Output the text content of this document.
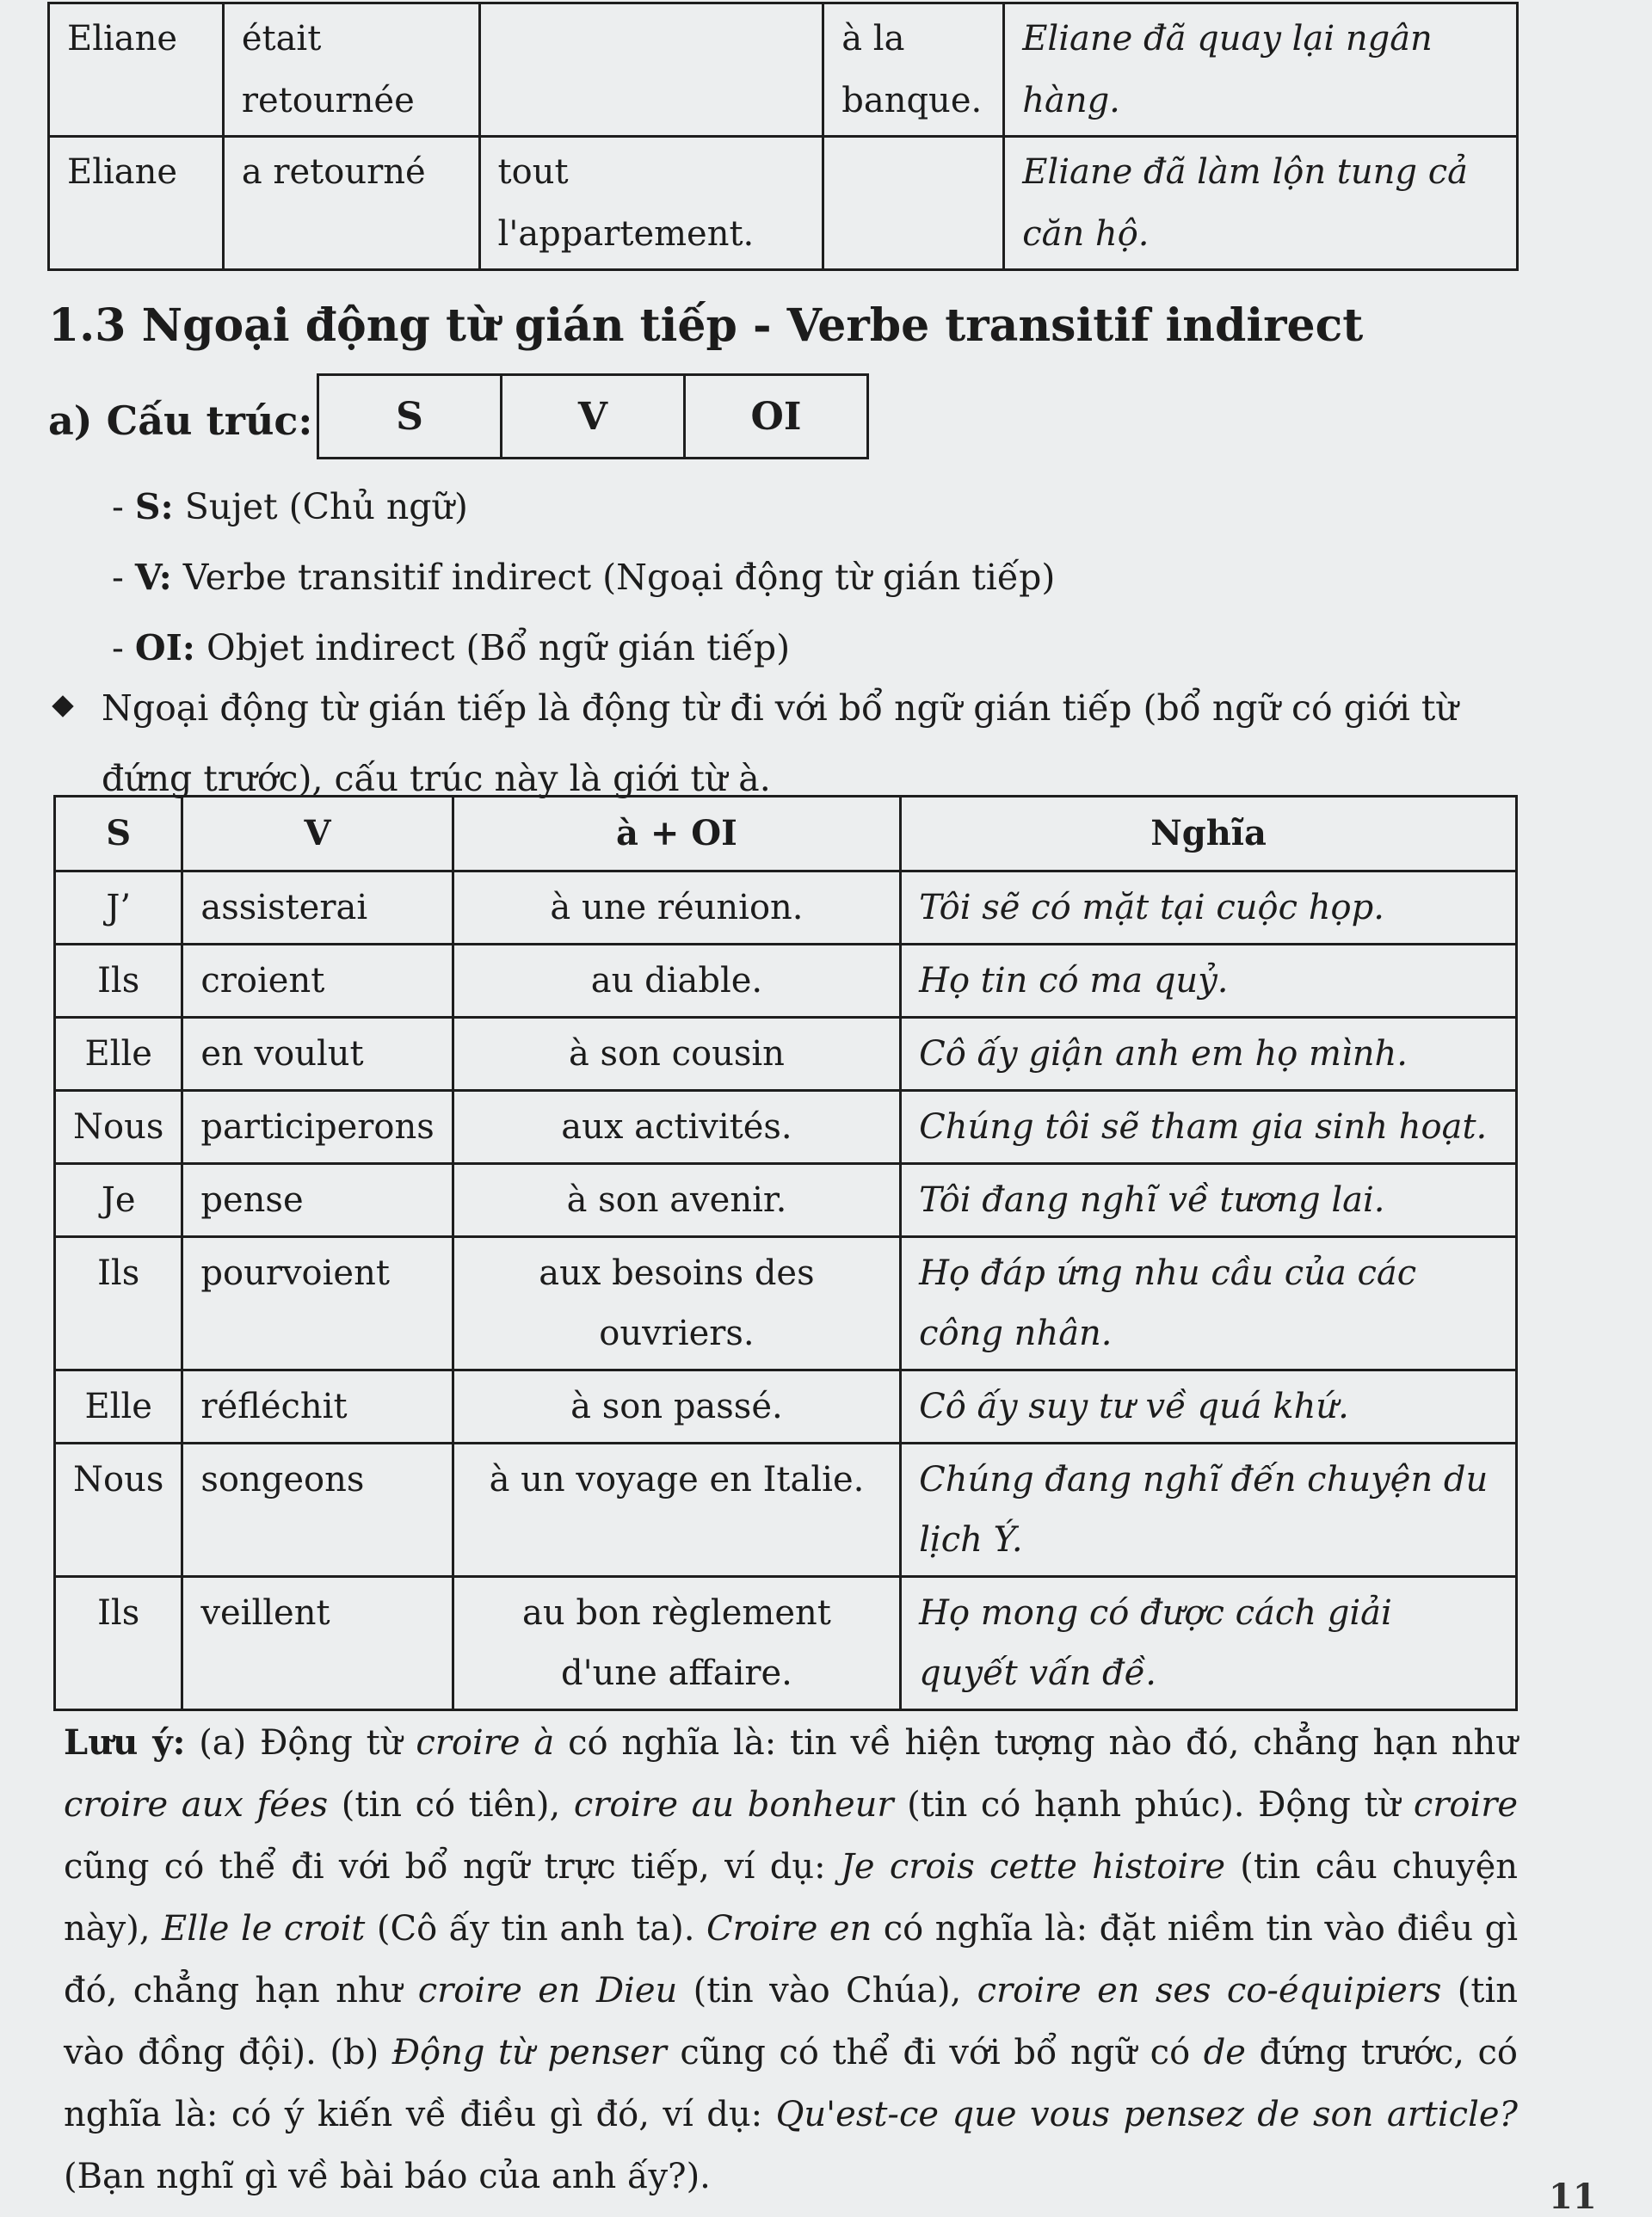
Eliane	était retournée		à la banque.	Eliane đã quay lại ngân hàng.
Eliane	a retourné	tout l'appartement.		Eliane đã làm lộn tung cả căn hộ.
1.3 Ngoại động từ gián tiếp - Verbe transitif indirect
a) Cấu trúc: S	V	OI
- S: Sujet (Chủ ngữ)
- V: Verbe transitif indirect (Ngoại động từ gián tiếp)
- OI: Objet indirect (Bổ ngữ gián tiếp)
Ngoại động từ gián tiếp là động từ đi với bổ ngữ gián tiếp (bổ ngữ có giới từ đứng trước), cấu trúc này là giới từ à.
S	V	à + OI	Nghĩa
J’	assisterai	à une réunion.	Tôi sẽ có mặt tại cuộc họp.
Ils	croient	au diable.	Họ tin có ma quỷ.
Elle	en voulut	à son cousin	Cô ấy giận anh em họ mình.
Nous	participerons	aux activités.	Chúng tôi sẽ tham gia sinh hoạt.
Je	pense	à son avenir.	Tôi đang nghĩ về tương lai.
Ils	pourvoient	aux besoins des ouvriers.	Họ đáp ứng nhu cầu của các công nhân.
Elle	réfléchit	à son passé.	Cô ấy suy tư về quá khứ.
Nous	songeons	à un voyage en Italie.	Chúng đang nghĩ đến chuyện du lịch Ý.
Ils	veillent	au bon règlement d'une affaire.	Họ mong có được cách giải quyết vấn đề.
Lưu ý: (a) Động từ croire à có nghĩa là: tin về hiện tượng nào đó, chẳng hạn như croire aux fées (tin có tiên), croire au bonheur (tin có hạnh phúc). Động từ croire cũng có thể đi với bổ ngữ trực tiếp, ví dụ: Je crois cette histoire (tin câu chuyện này), Elle le croit (Cô ấy tin anh ta). Croire en có nghĩa là: đặt niềm tin vào điều gì đó, chẳng hạn như croire en Dieu (tin vào Chúa), croire en ses co-équipiers (tin vào đồng đội). (b) Động từ penser cũng có thể đi với bổ ngữ có de đứng trước, có nghĩa là: có ý kiến về điều gì đó, ví dụ: Qu'est-ce que vous pensez de son article? (Bạn nghĩ gì về bài báo của anh ấy?).	11
